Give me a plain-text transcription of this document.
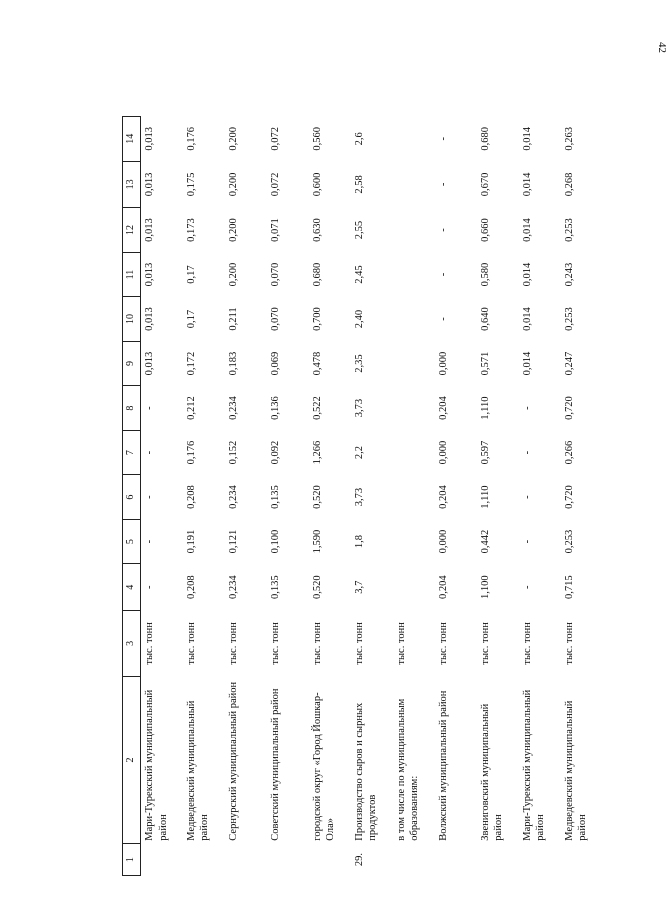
42
1	2	3	4	5	6	7	8	9	10	11	12	13	14
	Мари-Турекский муниципальный район	тыс. тонн	-	-	-	-	-	0,013	0,013	0,013	0,013	0,013	0,013
	Медведевский муниципальный район	тыс. тонн	0,208	0,191	0,208	0,176	0,212	0,172	0,17	0,17	0,173	0,175	0,176
	Сернурский муниципальный район	тыс. тонн	0,234	0,121	0,234	0,152	0,234	0,183	0,211	0,200	0,200	0,200	0,200
	Советский муниципальный район	тыс. тонн	0,135	0,100	0,135	0,092	0,136	0,069	0,070	0,070	0,071	0,072	0,072
	городской округ «Город Йошкар-Ола»	тыс. тонн	0,520	1,590	0,520	1,266	0,522	0,478	0,700	0,680	0,630	0,600	0,560
29.	Производство сыров и сырных продуктов	тыс. тонн	3,7	1,8	3,73	2,2	3,73	2,35	2,40	2,45	2,55	2,58	2,6
	в том числе по муниципальным образованиям:	тыс. тонн											
	Волжский муниципальный район	тыс. тонн	0,204	0,000	0,204	0,000	0,204	0,000	-	-	-	-	-
	Звениговский муниципальный район	тыс. тонн	1,100	0,442	1,110	0,597	1,110	0,571	0,640	0,580	0,660	0,670	0,680
	Мари-Турекский муниципальный район	тыс. тонн	-	-	-	-	-	0,014	0,014	0,014	0,014	0,014	0,014
	Медведевский муниципальный район	тыс. тонн	0,715	0,253	0,720	0,266	0,720	0,247	0,253	0,243	0,253	0,268	0,263
